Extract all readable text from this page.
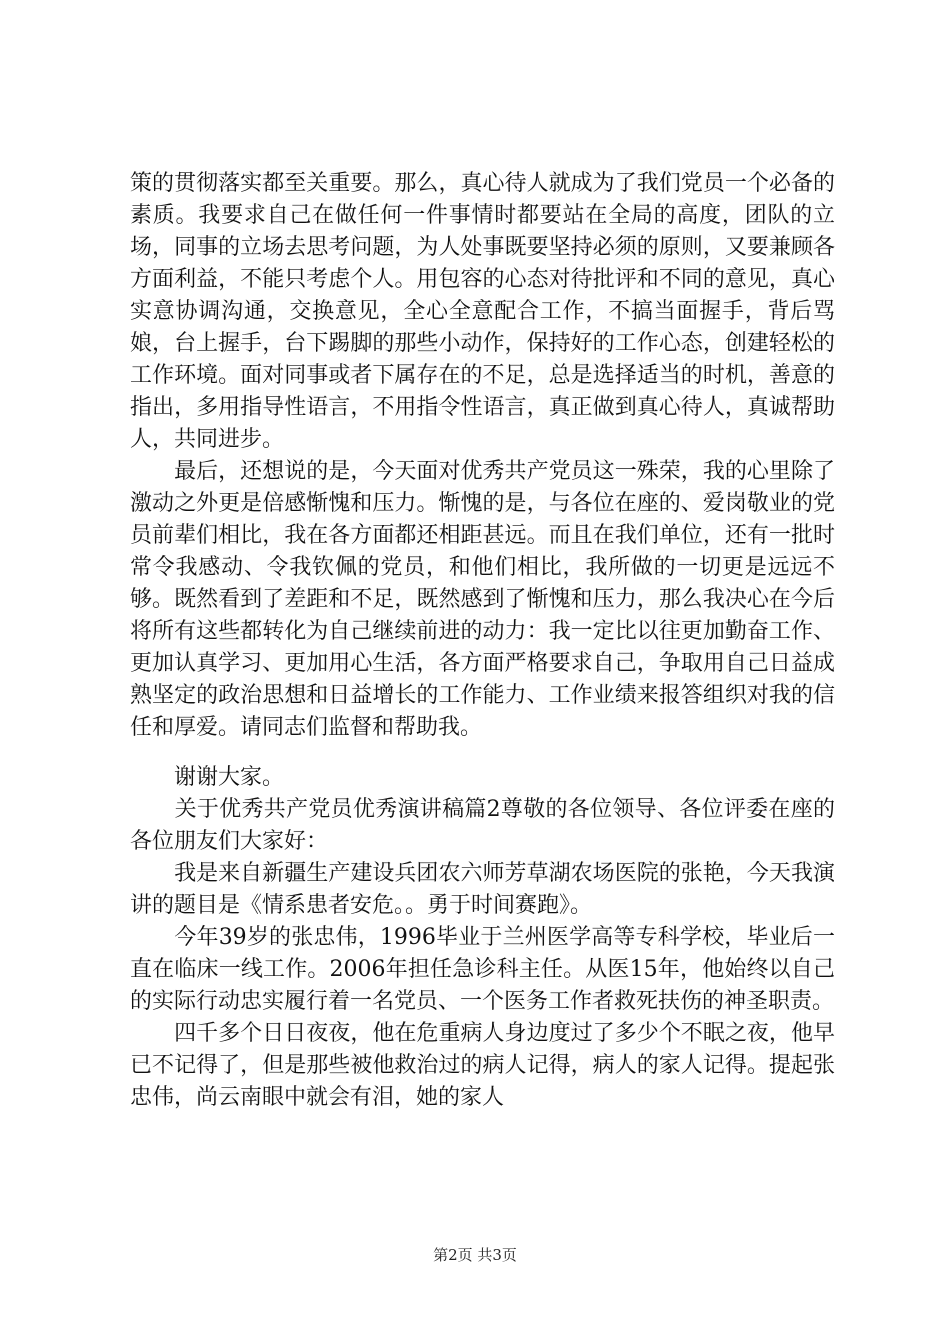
策的贯彻落实都至关重要。那么，真心待人就成为了我们党员一个必备的素质。我要求自己在做任何一件事情时都要站在全局的高度，团队的立场，同事的立场去思考问题，为人处事既要坚持必须的原则，又要兼顾各方面利益，不能只考虑个人。用包容的心态对待批评和不同的意见，真心实意协调沟通，交换意见，全心全意配合工作，不搞当面握手，背后骂娘，台上握手，台下踢脚的那些小动作，保持好的工作心态，创建轻松的工作环境。面对同事或者下属存在的不足，总是选择适当的时机，善意的指出，多用指导性语言，不用指令性语言，真正做到真心待人，真诚帮助人，共同进步。

　　最后，还想说的是，今天面对优秀共产党员这一殊荣，我的心里除了激动之外更是倍感惭愧和压力。惭愧的是，与各位在座的、爱岗敬业的党员前辈们相比，我在各方面都还相距甚远。而且在我们单位，还有一批时常令我感动、令我钦佩的党员，和他们相比，我所做的一切更是远远不够。既然看到了差距和不足，既然感到了惭愧和压力，那么我决心在今后将所有这些都转化为自己继续前进的动力：我一定比以往更加勤奋工作、更加认真学习、更加用心生活，各方面严格要求自己，争取用自己日益成熟坚定的政治思想和日益增长的工作能力、工作业绩来报答组织对我的信任和厚爱。请同志们监督和帮助我。

　　谢谢大家。

　　关于优秀共产党员优秀演讲稿篇2尊敬的各位领导、各位评委在座的各位朋友们大家好：

　　我是来自新疆生产建设兵团农六师芳草湖农场医院的张艳，今天我演讲的题目是《情系患者安危。。勇于时间赛跑》。

　　今年39岁的张忠伟，1996毕业于兰州医学高等专科学校，毕业后一直在临床一线工作。2006年担任急诊科主任。从医15年，他始终以自己的实际行动忠实履行着一名党员、一个医务工作者救死扶伤的神圣职责。

　　四千多个日日夜夜，他在危重病人身边度过了多少个不眠之夜，他早已不记得了，但是那些被他救治过的病人记得，病人的家人记得。提起张忠伟，尚云南眼中就会有泪，她的家人

第2页 共3页
